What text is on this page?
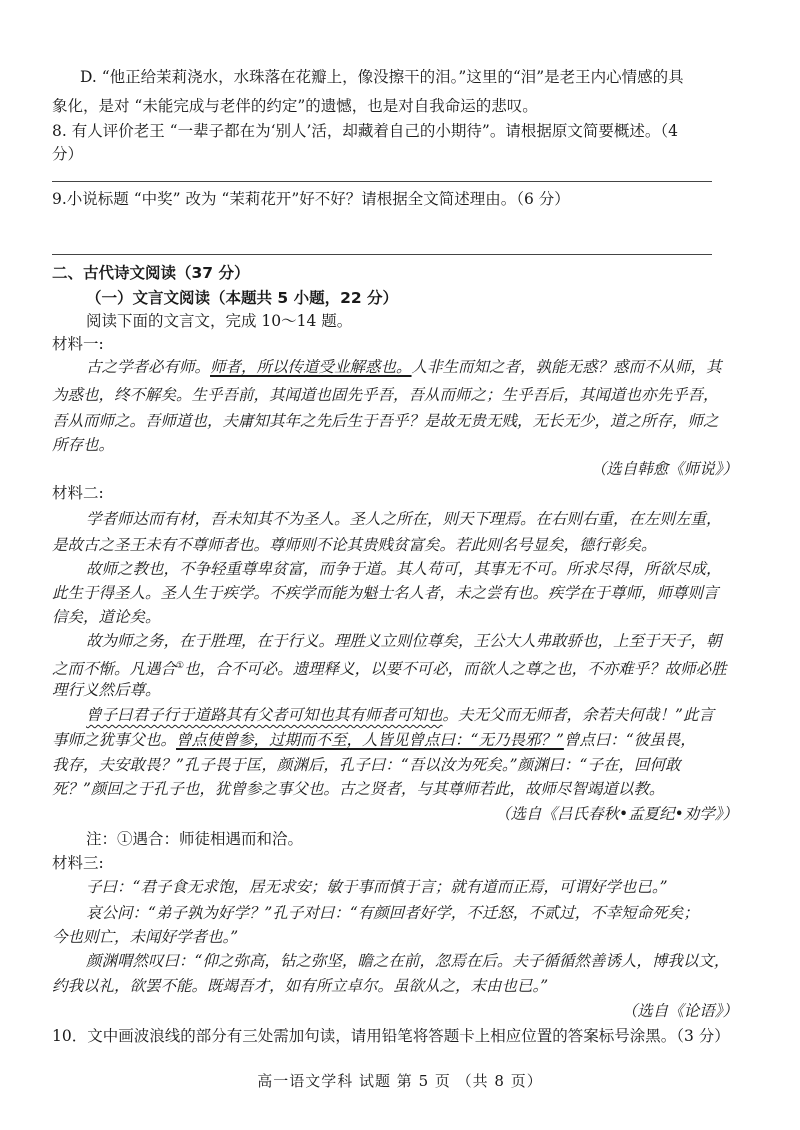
D. “他正给茉莉浇水，水珠落在花瓣上，像没擦干的泪。”这里的“泪”是老王内心情感的具
象化，是对 “未能完成与老伴的约定”的遗憾，也是对自我命运的悲叹。
8. 有人评价老王 “一辈子都在为‘别人’活，却藏着自己的小期待”。请根据原文简要概述。（4
分）
9.小说标题 “中奖” 改为 “茉莉花开”好不好？请根据全文简述理由。（6 分）
二、古代诗文阅读（37 分）
（一）文言文阅读（本题共 5 小题，22 分）
阅读下面的文言文，完成 10～14 题。
材料一:
古之学者必有师。师者，所以传道受业解惑也。人非生而知之者，孰能无惑？惑而不从师，其
为惑也，终不解矣。生乎吾前，其闻道也固先乎吾，吾从而师之；生乎吾后，其闻道也亦先乎吾，
吾从而师之。吾师道也，夫庸知其年之先后生于吾乎？是故无贵无贱，无长无少，道之所存，师之
所存也。
（选自韩愈《师说》）
材料二:
学者师达而有材，吾未知其不为圣人。圣人之所在，则天下理焉。在右则右重，在左则左重，
是故古之圣王未有不尊师者也。尊师则不论其贵贱贫富矣。若此则名号显矣，德行彰矣。
故师之教也，不争轻重尊卑贫富，而争于道。其人苟可，其事无不可。所求尽得，所欲尽成，
此生于得圣人。圣人生于疾学。不疾学而能为魁士名人者，未之尝有也。疾学在于尊师，师尊则言
信矣，道论矣。
故为师之务，在于胜理，在于行义。理胜义立则位尊矣，王公大人弗敢骄也，上至于天子，朝
之而不惭。凡遇合①也，合不可必。遗理释义，以要不可必，而欲人之尊之也，不亦难乎？故师必胜
理行义然后尊。
曾子曰君子行于道路其有父者可知也其有师者可知也。夫无父而无师者，余若夫何哉！”此言
事师之犹事父也。曾点使曾参，过期而不至，人皆见曾点曰：“无乃畏邪？”曾点曰：“彼虽畏，
我存，夫安敢畏？”孔子畏于匡，颜渊后，孔子曰：“吾以汝为死矣。”颜渊曰：“子在，回何敢
死？”颜回之于孔子也，犹曾参之事父也。古之贤者，与其尊师若此，故师尽智竭道以教。
（选自《吕氏春秋•孟夏纪•劝学》）
注：①遇合：师徒相遇而和洽。
材料三:
子曰：“君子食无求饱，居无求安；敏于事而慎于言；就有道而正焉，可谓好学也已。”
哀公问：“弟子孰为好学？”孔子对曰：“有颜回者好学，不迁怒，不贰过，不幸短命死矣；
今也则亡，未闻好学者也。”
颜渊喟然叹曰：“仰之弥高，钻之弥坚，瞻之在前，忽焉在后。夫子循循然善诱人，博我以文，
约我以礼，欲罢不能。既竭吾才，如有所立卓尔。虽欲从之，末由也已。”
（选自《论语》）
10．文中画波浪线的部分有三处需加句读，请用铅笔将答题卡上相应位置的答案标号涂黑。（3 分）
高一语文学科 试题 第 5 页 （共 8 页）
